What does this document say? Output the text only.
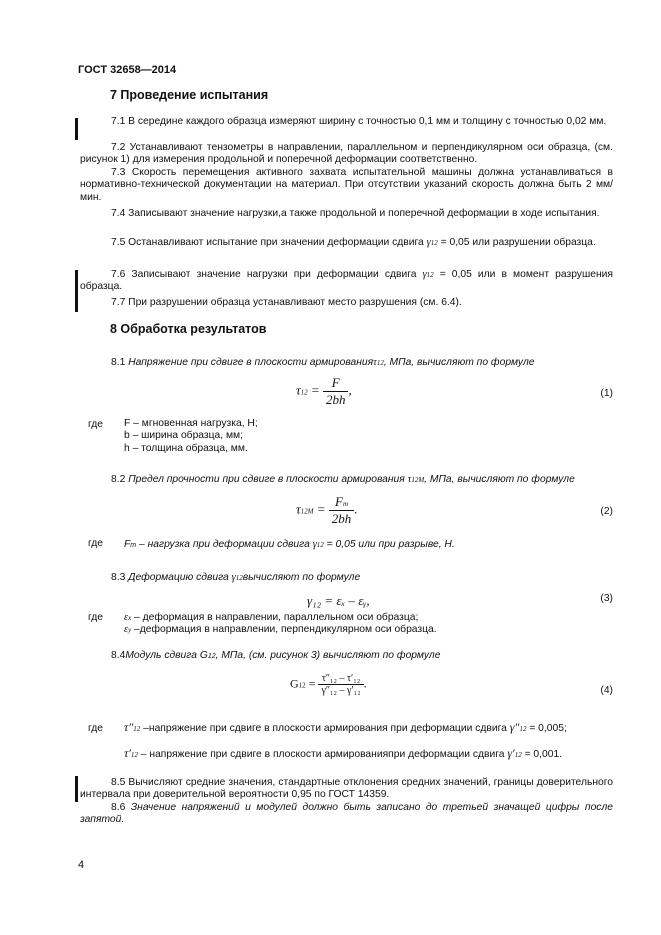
ГОСТ 32658—2014
7 Проведение испытания

7.1 В середине каждого образца измеряют ширину с точностью 0,1 мм и толщину с точностью 0,02 мм.

7.2 Устанавливают тензометры в направлении, параллельном и перпендикулярном оси образца, (см. рисунок 1) для измерения продольной и поперечной деформации соответственно.

7.3 Скорость перемещения активного захвата испытательной машины должна устанавливаться в нормативно-технической документации на материал. При отсутствии указаний скорость должна быть 2 мм/мин.

7.4 Записывают значение нагрузки,а также продольной и поперечной деформации в ходе испытания.

7.5 Останавливают испытание при значении деформации сдвига γ12 = 0,05 или разрушении образца.

7.6 Записывают значение нагрузки при деформации сдвига γ12 = 0,05 или в момент разрушения образца.

7.7 При разрушении образца устанавливают место разрушения (см. 6.4).

8 Обработка результатов

8.1 Напряжение при сдвиге в плоскости армированияτ12, МПа, вычисляют по формуле

$\tau 12 = \frac{F}{2bh}$ ,	(1)
где F – мгновенная нагрузка, Н;
b – ширина образца, мм;
h – толщина образца, мм.

8.2 Предел прочности при сдвиге в плоскости армирования τ12M, МПа, вычисляют по формуле

$\tau 12M = \frac{Fm}{2bh}$ .	(2)
где Fm – нагрузка при деформации сдвига γ12 = 0,05 или при разрыве, Н.

8.3 Деформацию сдвига γ12вычисляют по формуле

γ₁₂ = εₓ – εᵧ,	(3)
где εx – деформация в направлении, параллельном оси образца;
εy –деформация в направлении, перпендикулярном оси образца.

8.4Модуль сдвига G12, МПа, (см. рисунок 3) вычисляют по формуле

$G12 = \frac{\text{τ″₁₂ – τ′₁₂}}{\text{γ″₁₂ – γ′₁₂}}$ .
(4)
где τ″12 –напряжение при сдвиге в плоскости армирования при деформации сдвига γ″12 = 0,005;
τ′12 – напряжение при сдвиге в плоскости армированияпри деформации сдвига γ′12 = 0,001.

8.5 Вычисляют средние значения, стандартные отклонения средних значений, границы доверительного интервала при доверительной вероятности 0,95 по ГОСТ 14359.

8.6 Значение напряжений и модулей должно быть записано до третьей значащей цифры после запятой.

4
